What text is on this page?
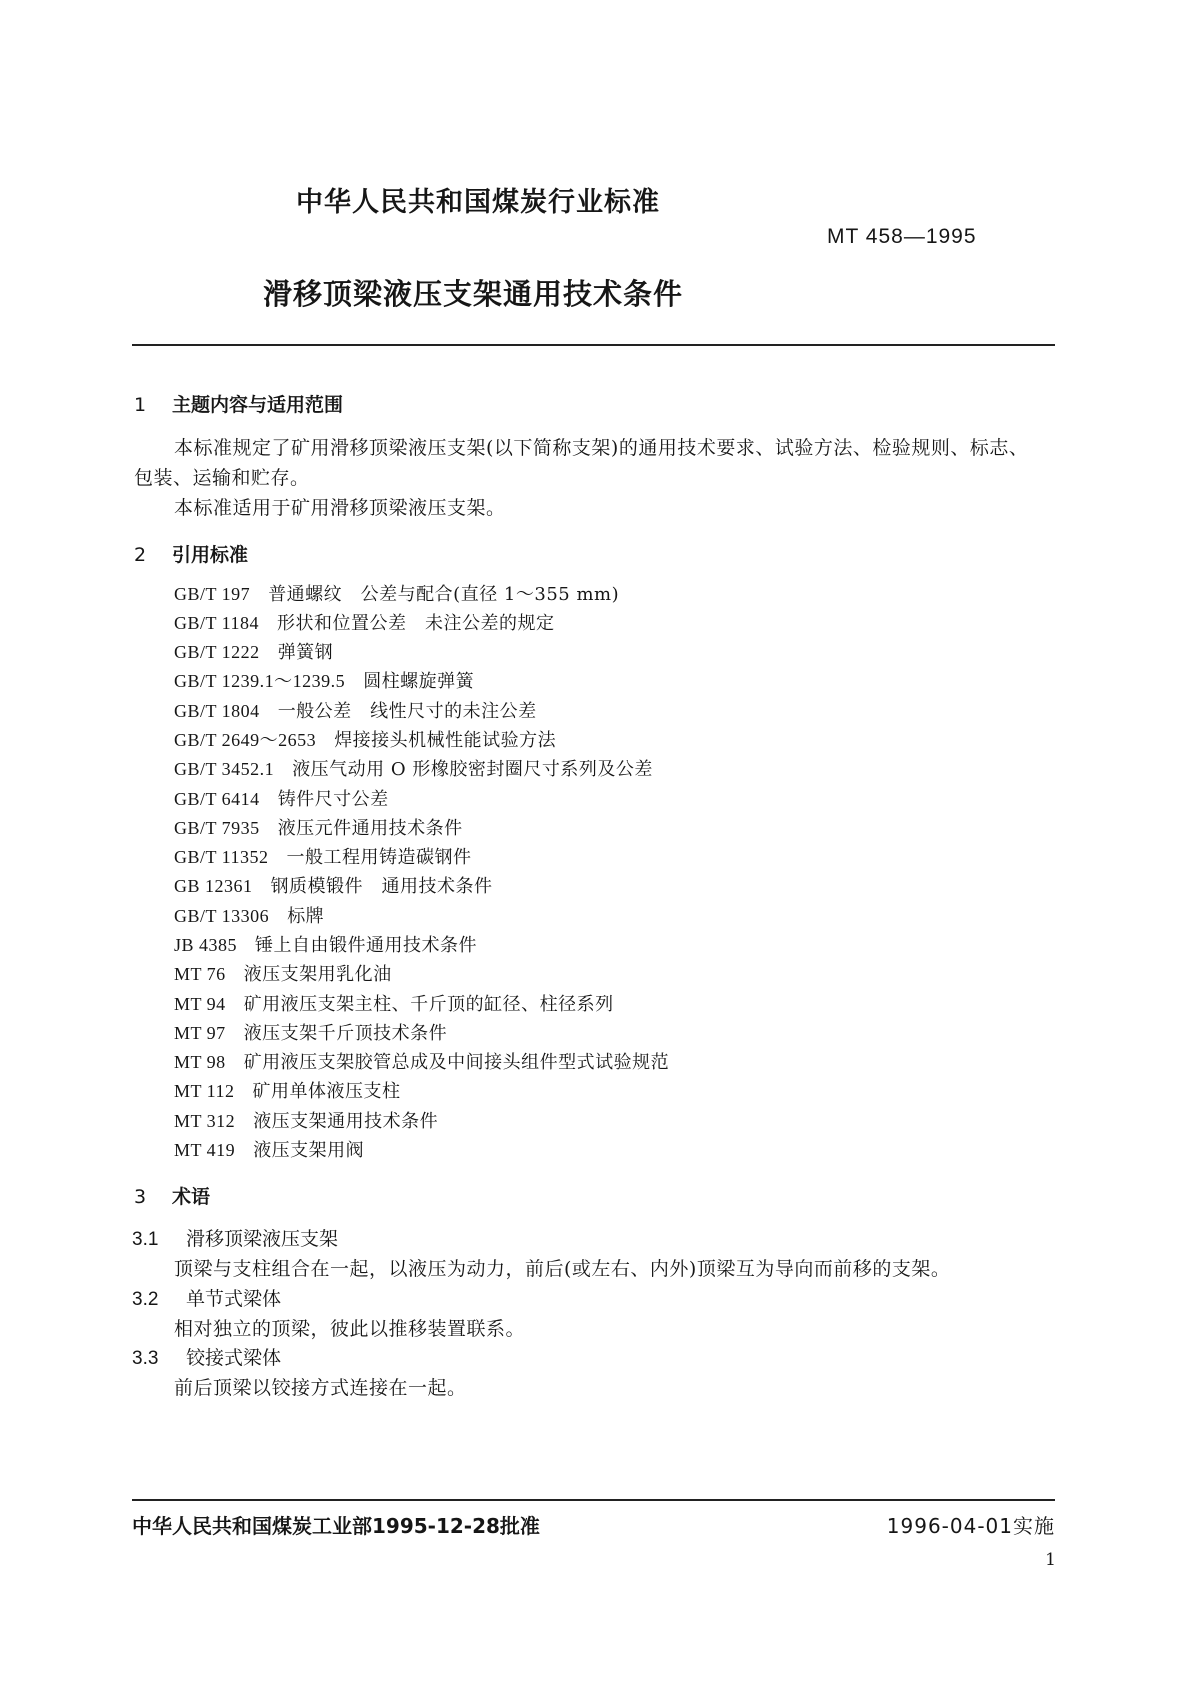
中华人民共和国煤炭行业标准
MT 458—1995
滑移顶梁液压支架通用技术条件
1 主题内容与适用范围
本标准规定了矿用滑移顶梁液压支架(以下简称支架)的通用技术要求、试验方法、检验规则、标志、
包装、运输和贮存。
本标准适用于矿用滑移顶梁液压支架。
2 引用标准
GB/T 197 普通螺纹　公差与配合(直径 1～355 mm)
GB/T 1184 形状和位置公差　未注公差的规定
GB/T 1222 弹簧钢
GB/T 1239.1～1239.5 圆柱螺旋弹簧
GB/T 1804 一般公差　线性尺寸的未注公差
GB/T 2649～2653 焊接接头机械性能试验方法
GB/T 3452.1 液压气动用 O 形橡胶密封圈尺寸系列及公差
GB/T 6414 铸件尺寸公差
GB/T 7935 液压元件通用技术条件
GB/T 11352 一般工程用铸造碳钢件
GB 12361 钢质模锻件　通用技术条件
GB/T 13306 标牌
JB 4385 锤上自由锻件通用技术条件
MT 76 液压支架用乳化油
MT 94 矿用液压支架主柱、千斤顶的缸径、柱径系列
MT 97 液压支架千斤顶技术条件
MT 98 矿用液压支架胶管总成及中间接头组件型式试验规范
MT 112 矿用单体液压支柱
MT 312 液压支架通用技术条件
MT 419 液压支架用阀
3 术语
3.1 滑移顶梁液压支架
顶梁与支柱组合在一起，以液压为动力，前后(或左右、内外)顶梁互为导向而前移的支架。
3.2 单节式梁体
相对独立的顶梁，彼此以推移装置联系。
3.3 铰接式梁体
前后顶梁以铰接方式连接在一起。
中华人民共和国煤炭工业部1995-12-28批准	1996-04-01实施
1
